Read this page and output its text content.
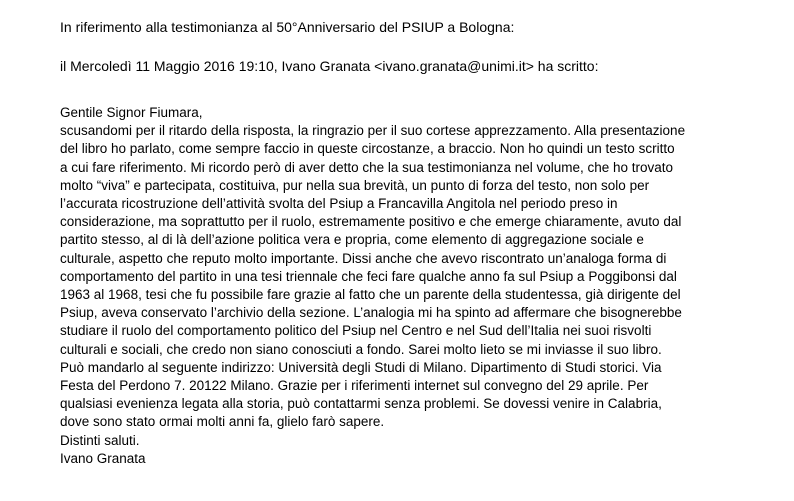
In riferimento alla testimonianza al 50°Anniversario del PSIUP a Bologna:

il Mercoledì 11 Maggio 2016 19:10, Ivano Granata <ivano.granata@unimi.it> ha scritto:

Gentile Signor Fiumara,

scusandomi per il ritardo della risposta, la ringrazio per il suo cortese apprezzamento. Alla presentazione
del libro ho parlato, come sempre faccio in queste circostanze, a braccio. Non ho quindi un testo scritto
a cui fare riferimento. Mi ricordo però di aver detto che la sua testimonianza nel volume, che ho trovato
molto “viva” e partecipata, costituiva, pur nella sua brevità, un punto di forza del testo, non solo per
l’accurata ricostruzione dell’attività svolta del Psiup a Francavilla Angitola nel periodo preso in
considerazione, ma soprattutto per il ruolo, estremamente positivo e che emerge chiaramente, avuto dal
partito stesso, al di là dell’azione politica vera e propria, come elemento di aggregazione sociale e
culturale, aspetto che reputo molto importante. Dissi anche che avevo riscontrato un’analoga forma di
comportamento del partito in una tesi triennale che feci fare qualche anno fa sul Psiup a Poggibonsi dal
1963 al 1968, tesi che fu possibile fare grazie al fatto che un parente della studentessa, già dirigente del
Psiup, aveva conservato l’archivio della sezione. L’analogia mi ha spinto ad affermare che bisognerebbe
studiare il ruolo del comportamento politico del Psiup nel Centro e nel Sud dell’Italia nei suoi risvolti
culturali e sociali, che credo non siano conosciuti a fondo. Sarei molto lieto se mi inviasse il suo libro.
Può mandarlo al seguente indirizzo: Università degli Studi di Milano. Dipartimento di Studi storici. Via
Festa del Perdono 7. 20122 Milano. Grazie per i riferimenti internet sul convegno del 29 aprile. Per
qualsiasi evenienza legata alla storia, può contattarmi senza problemi. Se dovessi venire in Calabria,
dove sono stato ormai molti anni fa, glielo farò sapere.
Distinti saluti.
Ivano Granata
